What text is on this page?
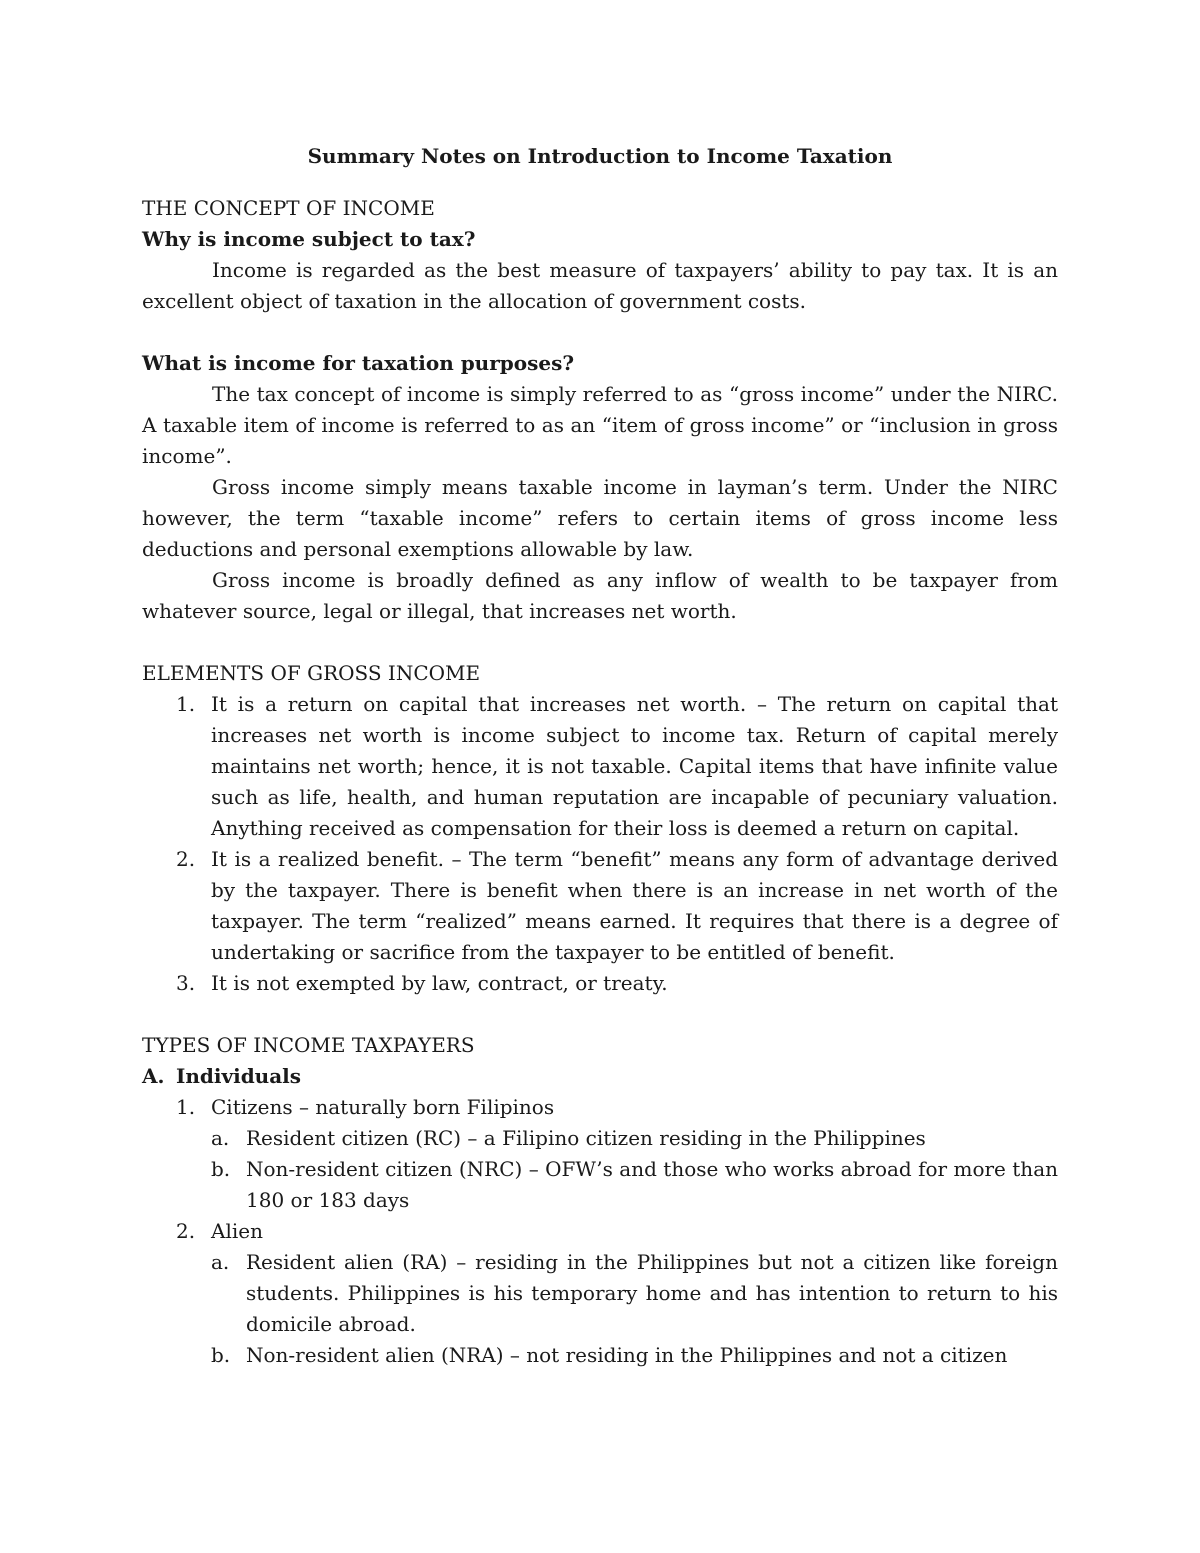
Summary Notes on Introduction to Income Taxation

THE CONCEPT OF INCOME

Why is income subject to tax?

Income is regarded as the best measure of taxpayers’ ability to pay tax. It is an excellent object of taxation in the allocation of government costs.

What is income for taxation purposes?

The tax concept of income is simply referred to as “gross income” under the NIRC. A taxable item of income is referred to as an “item of gross income” or “inclusion in gross income”.

Gross income simply means taxable income in layman’s term. Under the NIRC however, the term “taxable income” refers to certain items of gross income less deductions and personal exemptions allowable by law.

Gross income is broadly defined as any inflow of wealth to be taxpayer from whatever source, legal or illegal, that increases net worth.

ELEMENTS OF GROSS INCOME

1. It is a return on capital that increases net worth. – The return on capital that increases net worth is income subject to income tax. Return of capital merely maintains net worth; hence, it is not taxable. Capital items that have infinite value such as life, health, and human reputation are incapable of pecuniary valuation. Anything received as compensation for their loss is deemed a return on capital.
2. It is a realized benefit. – The term “benefit” means any form of advantage derived by the taxpayer. There is benefit when there is an increase in net worth of the taxpayer. The term “realized” means earned. It requires that there is a degree of undertaking or sacrifice from the taxpayer to be entitled of benefit.
3. It is not exempted by law, contract, or treaty.

TYPES OF INCOME TAXPAYERS

A. Individuals

1. Citizens – naturally born Filipinos
a. Resident citizen (RC) – a Filipino citizen residing in the Philippines
b. Non-resident citizen (NRC) – OFW’s and those who works abroad for more than 180 or 183 days
2. Alien
a. Resident alien (RA) – residing in the Philippines but not a citizen like foreign students. Philippines is his temporary home and has intention to return to his domicile abroad.
b. Non-resident alien (NRA) – not residing in the Philippines and not a citizen
